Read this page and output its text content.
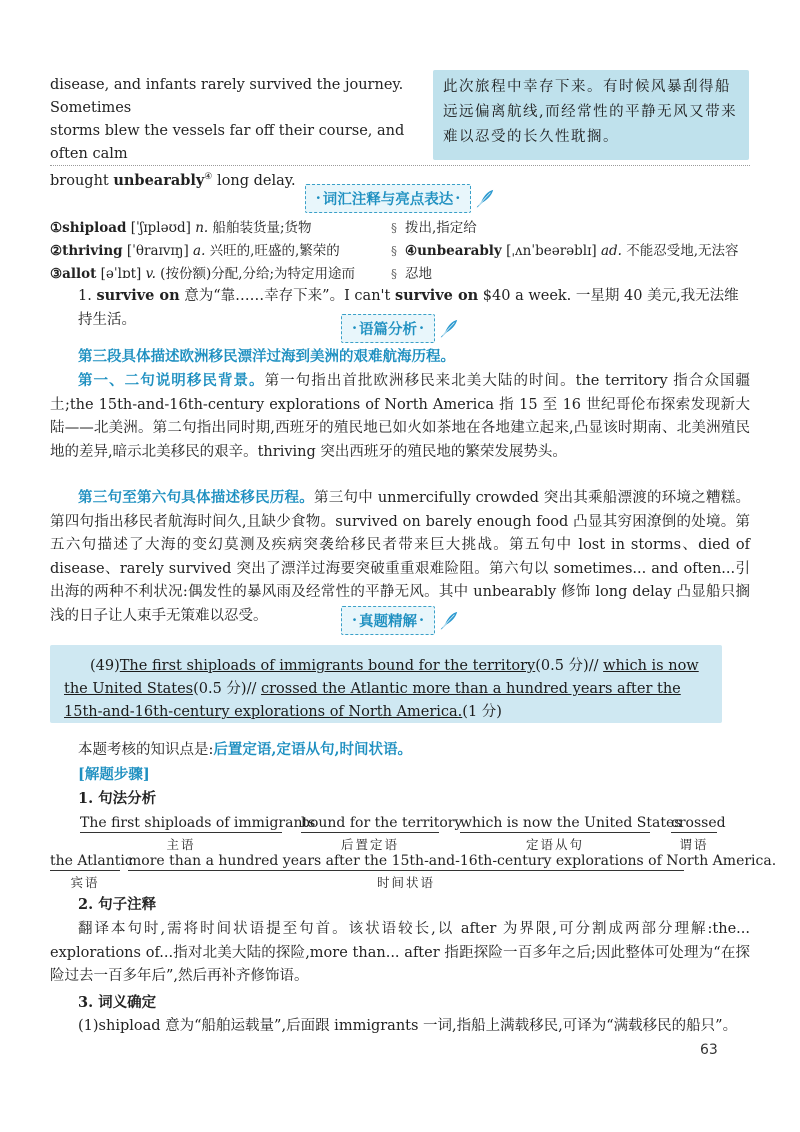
disease, and infants rarely survived the journey. Sometimes
storms blew the vessels far off their course, and often calm
brought unbearably④ long delay.
此次旅程中幸存下来。有时候风暴刮得船
远远偏离航线,而经常性的平静无风又带来
难以忍受的长久性耽搁。
· 词汇注释与亮点表达 ·
①shipload [ˈʃɪpləʊd] n. 船舶装货量;货物
②thriving [ˈθraɪvɪŋ] a. 兴旺的,旺盛的,繁荣的
③allot [əˈlɒt] v. (按份额)分配,分给;为特定用途而
§
§
§
拨出,指定给
④unbearably [ˌʌnˈbeərəblɪ] ad. 不能忍受地,无法容
忍地
1. survive on 意为“靠……幸存下来”。I can't survive on $40 a week. 一星期 40 美元,我无法维持生活。
· 语篇分析 ·
第三段具体描述欧洲移民漂洋过海到美洲的艰难航海历程。
第一、二句说明移民背景。第一句指出首批欧洲移民来北美大陆的时间。the territory 指合众国疆土;the 15th-and-16th-century explorations of North America 指 15 至 16 世纪哥伦布探索发现新大陆——北美洲。第二句指出同时期,西班牙的殖民地已如火如茶地在各地建立起来,凸显该时期南、北美洲殖民地的差异,暗示北美移民的艰辛。thriving 突出西班牙的殖民地的繁荣发展势头。
第三句至第六句具体描述移民历程。第三句中 unmercifully crowded 突出其乘船漂渡的环境之糟糕。第四句指出移民者航海时间久,且缺少食物。survived on barely enough food 凸显其穷困潦倒的处境。第五六句描述了大海的变幻莫测及疾病突袭给移民者带来巨大挑战。第五句中 lost in storms、died of disease、rarely survived 突出了漂洋过海要突破重重艰难险阻。第六句以 sometimes... and often...引出海的两种不利状况:偶发性的暴风雨及经常性的平静无风。其中 unbearably 修饰 long delay 凸显船只搁浅的日子让人束手无策难以忍受。	· 真题精解 ·
(49)The first shiploads of immigrants bound for the territory(0.5 分)// which is now the United States(0.5 分)// crossed the Atlantic more than a hundred years after the 15th-and-16th-century explorations of North America.(1 分)
本题考核的知识点是:后置定语,定语从句,时间状语。
[解题步骤]
1. 句法分析
The first shiploads of immigrants
主语
bound for the territory
后置定语
which is now the United States
定语从句
crossed
谓语
the Atlantic
宾语
more than a hundred years after the 15th-and-16th-century explorations of North America.
时间状语
2. 句子注释
翻译本句时,需将时间状语提至句首。该状语较长,以 after 为界限,可分割成两部分理解:the... explorations of...指对北美大陆的探险,more than... after 指距探险一百多年之后;因此整体可处理为“在探险过去一百多年后”,然后再补齐修饰语。
3. 词义确定
(1)shipload 意为“船舶运载量”,后面跟 immigrants 一词,指船上满载移民,可译为“满载移民的船只”。
63
